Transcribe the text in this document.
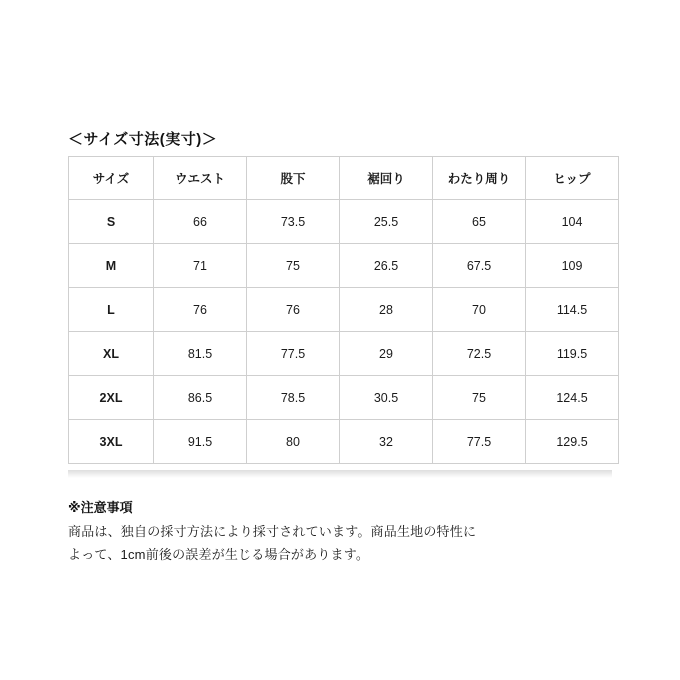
＜サイズ寸法(実寸)＞
サイズ	ウエスト	股下	裾回り	わたり周り	ヒップ
S	66	73.5	25.5	65	104
M	71	75	26.5	67.5	109
L	76	76	28	70	114.5
XL	81.5	77.5	29	72.5	119.5
2XL	86.5	78.5	30.5	75	124.5
3XL	91.5	80	32	77.5	129.5

※注意事項

商品は、独自の採寸方法により採寸されています。商品生地の特性に

よって、1cm前後の誤差が生じる場合があります。
